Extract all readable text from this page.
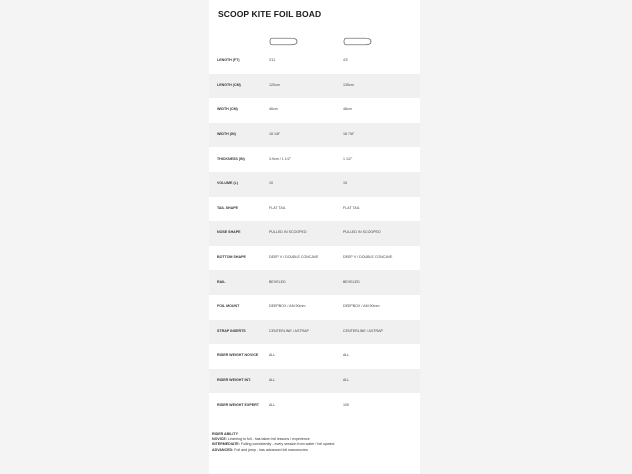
SCOOP KITE FOIL BOAD
LENGTH (FT)	3'11	4'5
LENGTH (CM)	120cm	135cm
WIDTH (CM)	46cm	48cm
WIDTH (IN)	18 1/8"	18 7/8"
THICKNESS (IN)	3.9cm / 1 1/2"	1 1/2"
VOLUME (L)	10	15
TAIL SHAPE	FLAT TAIL	FLAT TAIL
NOSE SHAPE	PULLED IN SCOOPED	PULLED IN SCOOPED
BOTTOM SHAPE	DEEP V / DOUBLE CONCAVE	DEEP V / DOUBLE CONCAVE
RAIL	BEVELED	BEVELED
FOIL MOUNT	DEEPBOX / AM 90mm	DEEPBOX / AM 90mm
STRAP INSERTS	CENTERLINE / ASTRAP	CENTERLINE / ASTRAP
RIDER WEIGHT NOVICE	ALL	ALL
RIDER WEIGHT INT.	ALL	ALL
RIDER WEIGHT EXPERT	ALL	100
RIDER ABILITY
NOVICE: Learning to foil - has taken foil lessons / experience
INTERMEDIATE: Foiling consistently - every session from water / foil upwind
ADVANCED: Foil and jump - has advanced foil manoeuvres
